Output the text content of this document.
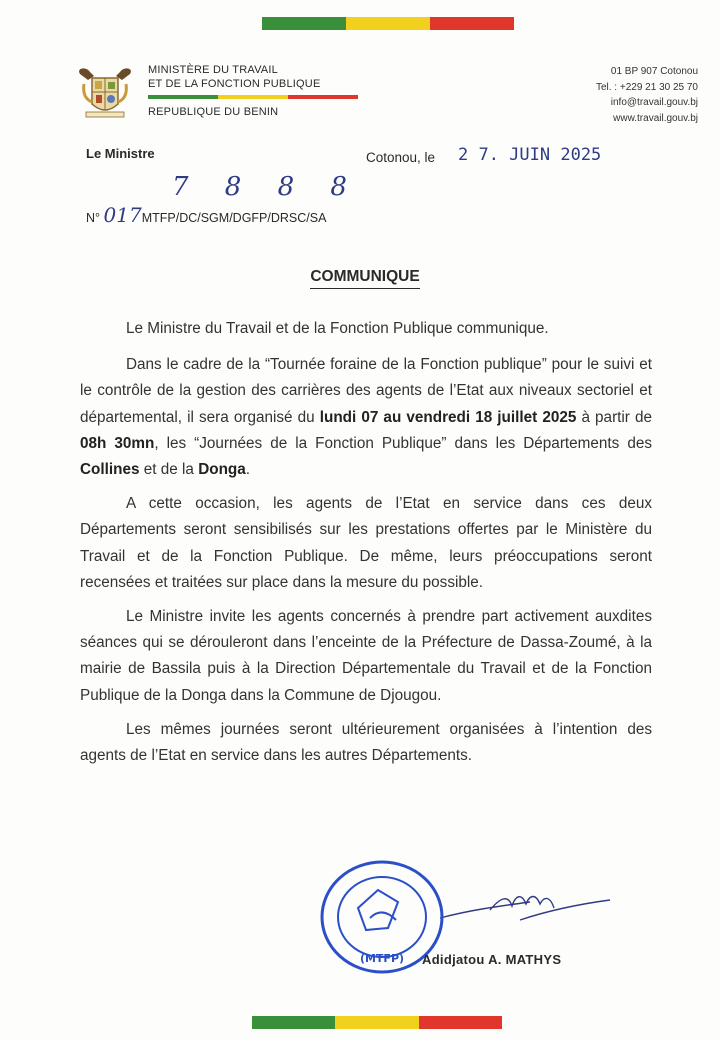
MINISTÈRE DU TRAVAIL
ET DE LA FONCTION PUBLIQUE
REPUBLIQUE DU BENIN
01 BP 907 Cotonou
Tel. : +229 21 30 25 70
info@travail.gouv.bj
www.travail.gouv.bj
Le Ministre	Cotonou, le 2 7. JUIN 2025
7 8 8 8
N° 017MTFP/DC/SGM/DGFP/DRSC/SA
COMMUNIQUE

Le Ministre du Travail et de la Fonction Publique communique.

Dans le cadre de la “Tournée foraine de la Fonction publique” pour le suivi et le contrôle de la gestion des carrières des agents de l’Etat aux niveaux sectoriel et départemental, il sera organisé du lundi 07 au vendredi 18 juillet 2025 à partir de 08h 30mn, les “Journées de la Fonction Publique” dans les Départements des Collines et de la Donga.

A cette occasion, les agents de l’Etat en service dans ces deux Départements seront sensibilisés sur les prestations offertes par le Ministère du Travail et de la Fonction Publique. De même, leurs préoccupations seront recensées et traitées sur place dans la mesure du possible.

Le Ministre invite les agents concernés à prendre part activement auxdites séances qui se dérouleront dans l’enceinte de la Préfecture de Dassa-Zoumé, à la mairie de Bassila puis à la Direction Départementale du Travail et de la Fonction Publique de la Donga dans la Commune de Djougou.

Les mêmes journées seront ultérieurement organisées à l’intention des agents de l’Etat en service dans les autres Départements.

(MTFP) Adidjatou A. MATHYS
